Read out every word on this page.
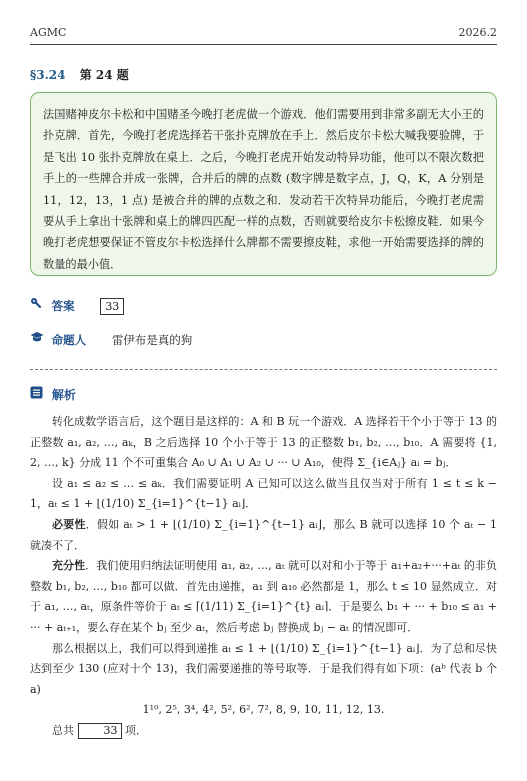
AGMC	2026.2
§3.24 第 24 题
法国赌神皮尔卡松和中国赌圣今晚打老虎做一个游戏．他们需要用到非常多副无大小王的扑克牌．首先，今晚打老虎选择若干张扑克牌放在手上．然后皮尔卡松大喊我要验牌，于是飞出 10 张扑克牌放在桌上．之后，今晚打老虎开始发动特异功能，他可以不限次数把手上的一些牌合并成一张牌，合并后的牌的点数 (数字牌是数字点，J，Q，K，A 分别是 11，12，13，1 点) 是被合并的牌的点数之和．发动若干次特异功能后，今晚打老虎需要从手上拿出十张牌和桌上的牌四匹配一样的点数，否则就要给皮尔卡松擦皮鞋．如果今晚打老虎想要保证不管皮尔卡松选择什么牌都不需要擦皮鞋，求他一开始需要选择的牌的数量的最小值．
答案	33
命题人 雷伊布是真的狗
解析

转化成数学语言后，这个题目是这样的：A 和 B 玩一个游戏．A 选择若干个小于等于 13 的正整数 a₁, a₂, …, aₖ，B 之后选择 10 个小于等于 13 的正整数 b₁, b₂, …, b₁₀．A 需要将 {1, 2, …, k} 分成 11 个不可重集合 A₀ ∪ A₁ ∪ A₂ ∪ ··· ∪ A₁₀，使得 Σ_{i∈Aⱼ} aᵢ = bⱼ．

设 a₁ ≤ a₂ ≤ … ≤ aₖ．我们需要证明 A 已知可以这么做当且仅当对于所有 1 ≤ t ≤ k − 1，aₜ ≤ 1 + ⌊(1/10) Σ_{i=1}^{t−1} aᵢ⌋．

必要性．假如 aₜ > 1 + ⌊(1/10) Σ_{i=1}^{t−1} aᵢ⌋，那么 B 就可以选择 10 个 aₜ − 1 就凑不了．

充分性．我们使用归纳法证明使用 a₁, a₂, …, aₜ 就可以对和小于等于 a₁+a₂+···+aₜ 的非负整数 b₁, b₂, …, b₁₀ 都可以做．首先由递推，a₁ 到 a₁₀ 必然都是 1，那么 t ≤ 10 显然成立．对于 a₁, …, aₜ，原条件等价于 aₜ ≤ ⌈(1/11) Σ_{i=1}^{t} aᵢ⌉．于是要么 b₁ + ··· + b₁₀ ≤ a₁ + ··· + aₜ₊₁，要么存在某个 bⱼ 至少 aₜ，然后考虑 bⱼ 替换成 bⱼ − aₜ 的情况即可．

那么根据以上，我们可以得到递推 aₜ ≤ 1 + ⌊(1/10) Σ_{i=1}^{t−1} aᵢ⌋．为了总和尽快达到至少 130 (应对十个 13)，我们需要递推的等号取等．于是我们得有如下项：(aᵇ 代表 b 个 a)

1¹⁰, 2⁵, 3⁴, 4², 5², 6², 7², 8, 9, 10, 11, 12, 13.

总共	33 项．
